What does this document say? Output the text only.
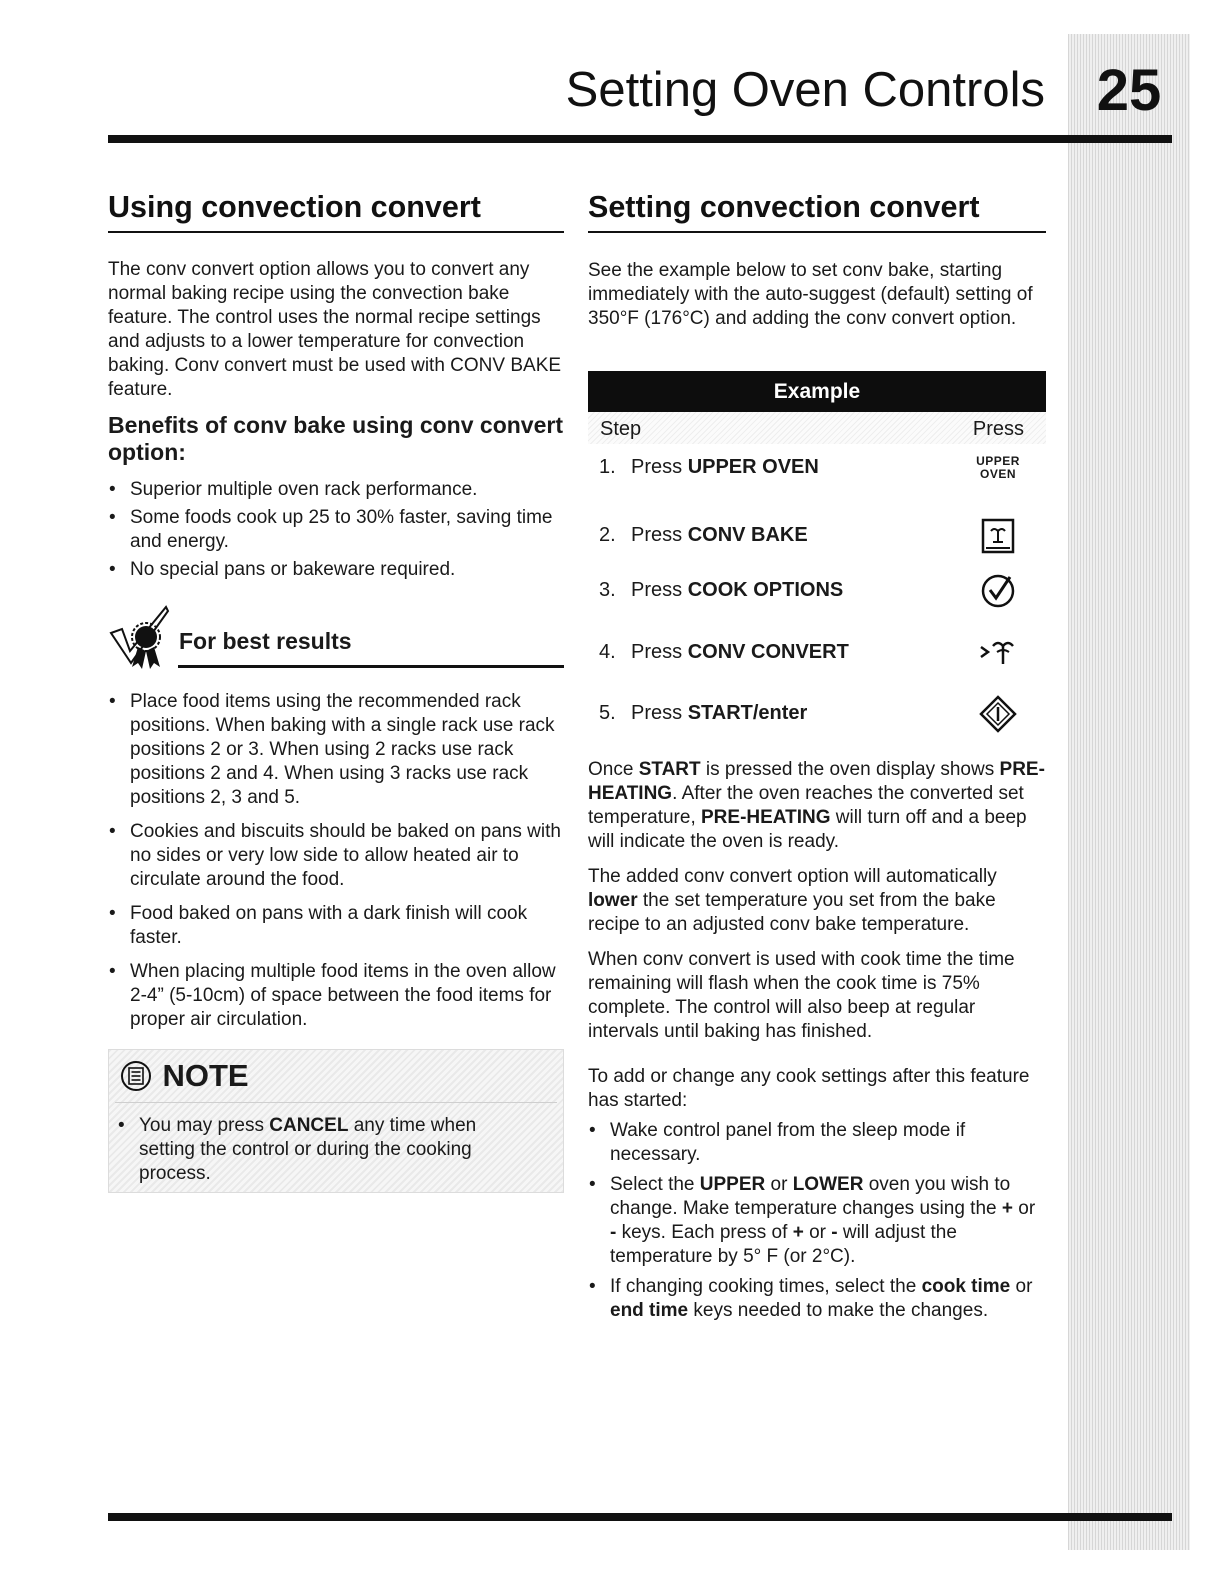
25
Setting Oven Controls
Using convection convert

The conv convert option allows you to convert any normal baking recipe using the convection bake feature. The control uses the normal recipe settings and adjusts to a lower temperature for convection baking. Conv convert must be used with CONV BAKE feature.

Benefits of conv bake using conv convert option:
• Superior multiple oven rack performance.
• Some foods cook up 25 to 30% faster, saving time and energy.
• No special pans or bakeware required.
For best results
• Place food items using the recommended rack positions. When baking with a single rack use rack positions 2 or 3. When using 2 racks use rack positions 2 and 4. When using 3 racks use rack positions 2, 3 and 5.
• Cookies and biscuits should be baked on pans with no sides or very low side to allow heated air to circulate around the food.
• Food baked on pans with a dark finish will cook faster.
• When placing multiple food items in the oven allow 2-4” (5-10cm) of space between the food items for proper air circulation.
NOTE
• You may press CANCEL any time when setting the control or during the cooking process.
Setting convection convert

See the example below to set conv bake, starting immediately with the auto-suggest (default) setting of 350°F (176°C) and adding the conv convert option.

Example
Step	Press
1. Press UPPER OVEN	UPPER
OVEN
2. Press CONV BAKE
3. Press COOK OPTIONS
4. Press CONV CONVERT
5. Press START/enter

Once START is pressed the oven display shows PRE-HEATING. After the oven reaches the converted set temperature, PRE-HEATING will turn off and a beep will indicate the oven is ready.

The added conv convert option will automatically lower the set temperature you set from the bake recipe to an adjusted conv bake temperature.

When conv convert is used with cook time the time remaining will flash when the cook time is 75% complete. The control will also beep at regular intervals until baking has finished.

To add or change any cook settings after this feature has started:

• Wake control panel from the sleep mode if necessary.
• Select the UPPER or LOWER oven you wish to change. Make temperature changes using the + or - keys. Each press of + or - will adjust the temperature by 5° F (or 2°C).
• If changing cooking times, select the cook time or end time keys needed to make the changes.
